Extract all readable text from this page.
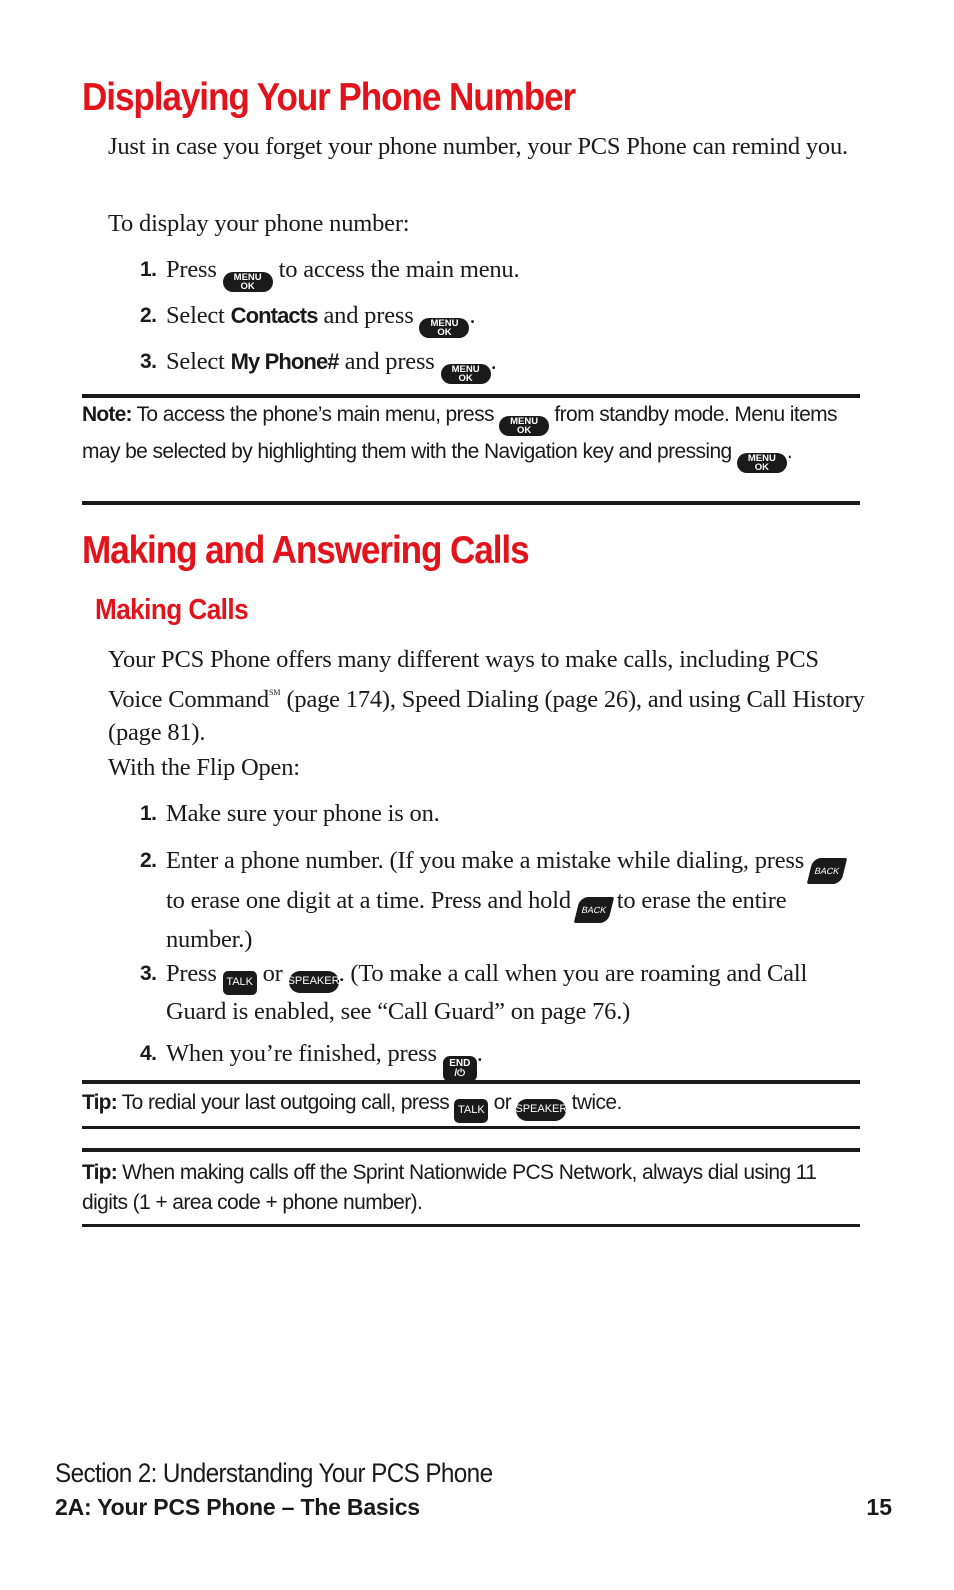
Displaying Your Phone Number

Just in case you forget your phone number, your PCS Phone can remind you.

To display your phone number:

1. Press MENU
OK
to access the main menu.
2. Select Contacts and press MENU
OK
.
3. Select My Phone# and press MENU
OK
.

Note: To access the phone’s main menu, press MENU
OK
from standby mode. Menu items may be selected by highlighting them with the Navigation key and pressing MENU
OK
.

Making and Answering Calls
Making Calls

Your PCS Phone offers many different ways to make calls, including PCS Voice Command℠ (page 174), Speed Dialing (page 26), and using Call History (page 81).

With the Flip Open:

1. Make sure your phone is on.
2. Enter a phone number. (If you make a mistake while dialing, press BACK
to erase one digit at a time. Press and hold BACK to erase the entire number.)
3. Press TALK or SPEAKER . (To make a call when you are roaming and Call Guard is enabled, see “Call Guard” on page 76.)
4. When you’re finished, press END
/⏻
.

Tip: To redial your last outgoing call, press TALK or SPEAKER twice.

Tip: When making calls off the Sprint Nationwide PCS Network, always dial using 11 digits (1 + area code + phone number).

Section 2: Understanding Your PCS Phone

2A: Your PCS Phone – The Basics	15
